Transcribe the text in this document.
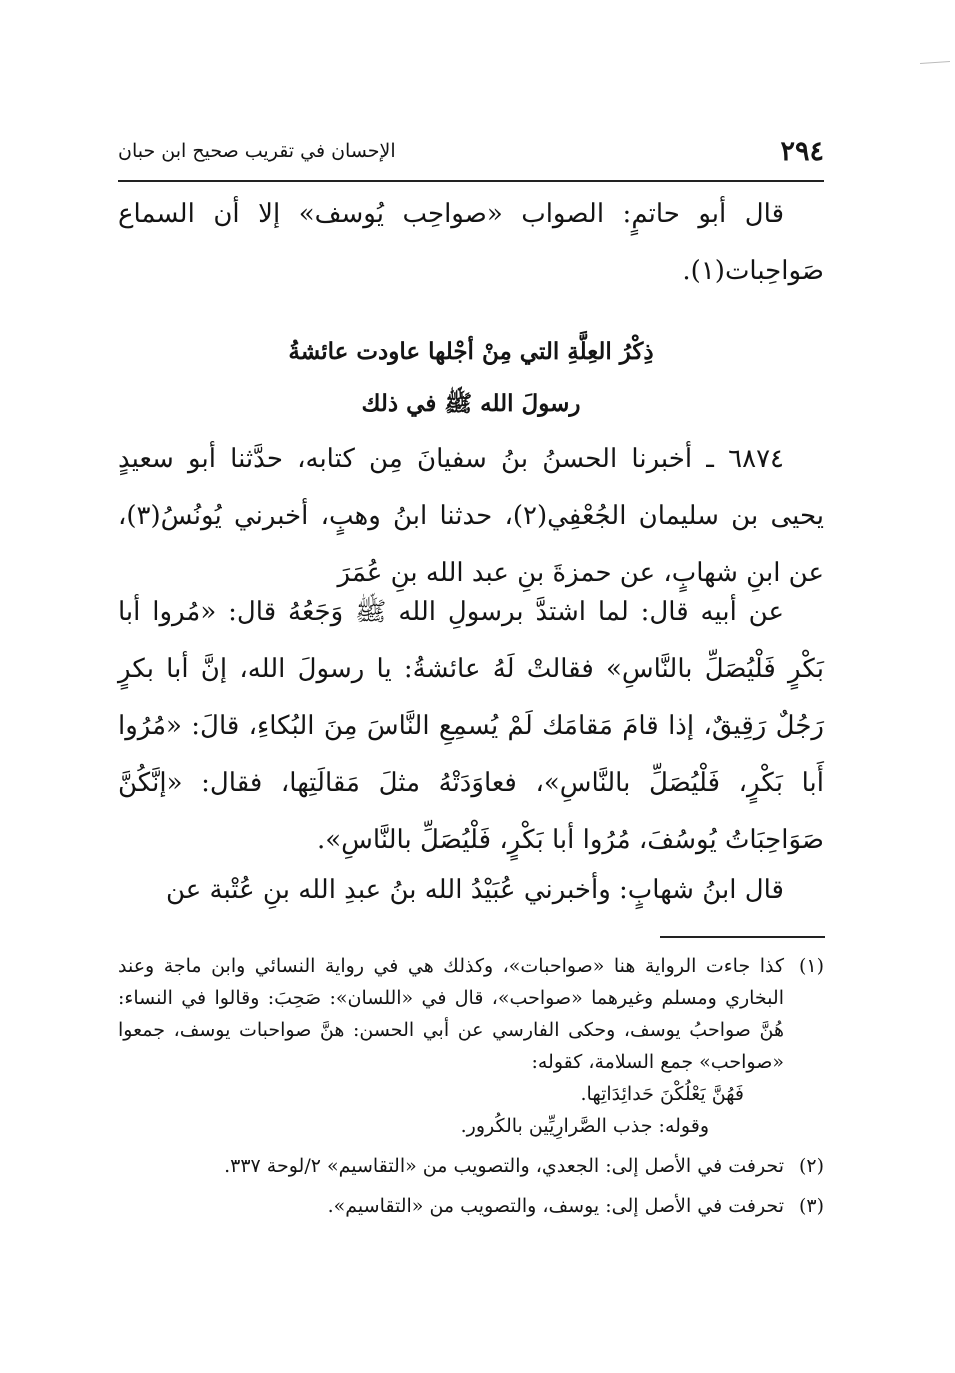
٢٩٤
الإحسان في تقريب صحيح ابن حبان

قال أبو حاتمٍ: الصواب «صواحِب يُوسف» إلا أن السماع صَواحِبات(١).

ذِكْرُ العِلَّةِ التي مِنْ أجْلها عاودت عائشةُ
رسولَ الله ﷺ في ذلك

٦٨٧٤ ـ أخبرنا الحسنُ بنُ سفيانَ مِن كتابه، حدَّثنا أبو سعيدٍ يحيى بن سليمان الجُعْفِي(٢)، حدثنا ابنُ وهبٍ، أخبرني يُونُسُ(٣)، عن ابنِ شهابٍ، عن حمزةَ بنِ عبد الله بنِ عُمَرَ

عن أبيه قال: لما اشتدَّ برسولِ الله ﷺ وَجَعُهُ قال: «مُروا أبا بَكْرٍ فَلْيُصَلِّ بالنَّاسِ» فقالتْ لَهُ عائشةُ: يا رسولَ الله، إنَّ أبا بكرٍ رَجُلٌ رَقِيقٌ، إذا قامَ مَقامَك لَمْ يُسمِعِ النَّاسَ مِنَ البُكاءِ، قالَ: «مُرُوا أَبا بَكْرٍ، فَلْيُصَلِّ بالنَّاسِ»، فعاوَدَتْهُ مثلَ مَقالَتِها، فقال: «إنَّكُنَّ صَوَاحِبَاتُ يُوسُفَ، مُرُوا أبا بَكْرٍ، فَلْيُصَلِّ بالنَّاسِ».

قال ابنُ شهابٍ: وأخبرني عُبَيْدُ الله بنُ عبدِ الله بنِ عُتْبة عن

(١)
كذا جاءت الرواية هنا «صواحبات»، وكذلك هي في رواية النسائي وابن ماجة وعند البخاري ومسلم وغيرهما «صواحب»، قال في «اللسان»: صَحِبَ: وقالوا في النساء: هُنَّ صواحبُ يوسف، وحكى الفارسي عن أبي الحسن: هنَّ صواحبات يوسف، جمعوا «صواحب» جمع السلامة، كقوله:
فَهُنَّ يَعْلُكْنَ حَدائِدَاتِها.
وقوله: جذب الصَّرارِيِّين بالكُرور.
(٢)
تحرفت في الأصل إلى: الجعدي، والتصويب من «التقاسيم» ٢/لوحة ٣٣٧.
(٣)
تحرفت في الأصل إلى: يوسف، والتصويب من «التقاسيم».
